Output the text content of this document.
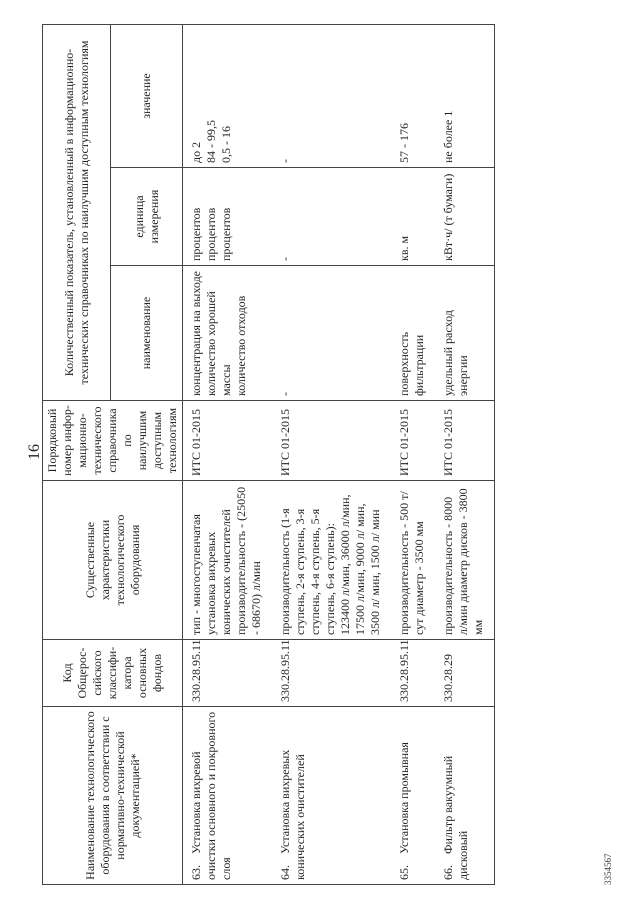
16
Наименование технологического оборудования в соответствии с нормативно-технической документацией*	Код Общерос-сийского классифи-катора основных фондов	Существенные характеристики технологического оборудования	Порядковый номер инфор-мационно-технического справочника по наилучшим доступным технологиям	Количественный показатель, установленный в информационно-технических справочниках по наилучшим доступным технологиям		
				наименование	единица измерения	значение
63.Установка вихревой очистки основного и покровного слоя	330.28.95.11	тип - многоступенчатая установка вихревых конических очистителей производительность - (25050 - 68670) л/мин	ИТС 01-2015	концентрация на выходе количество хорошей массы количество отходов	процентов процентов процентов	до 2 84 - 99,5 0,5 - 16

64.Установка вихревых конических очистителей	330.28.95.11	производительность (1-я ступень, 2-я ступень, 3-я ступень, 4-я ступень, 5-я ступень, 6-я ступень): 123400 л/мин, 36000 л/мин, 17500 л/мин, 9000 л/ мин, 3500 л/ мин, 1500 л/ мин	ИТС 01-2015	-	-	-

65.Установка промывная	330.28.95.11	производительность - 500 т/сут диаметр - 3500 мм	ИТС 01-2015	поверхность фильтрации	кв. м	57 - 176

66.Фильтр вакуумный дисковый	330.28.29	производительность - 8000 л/мин диаметр дисков - 3800 мм	ИТС 01-2015	удельный расход энергии	кВт·ч/ (т бумаги)	не более 1
3354567
